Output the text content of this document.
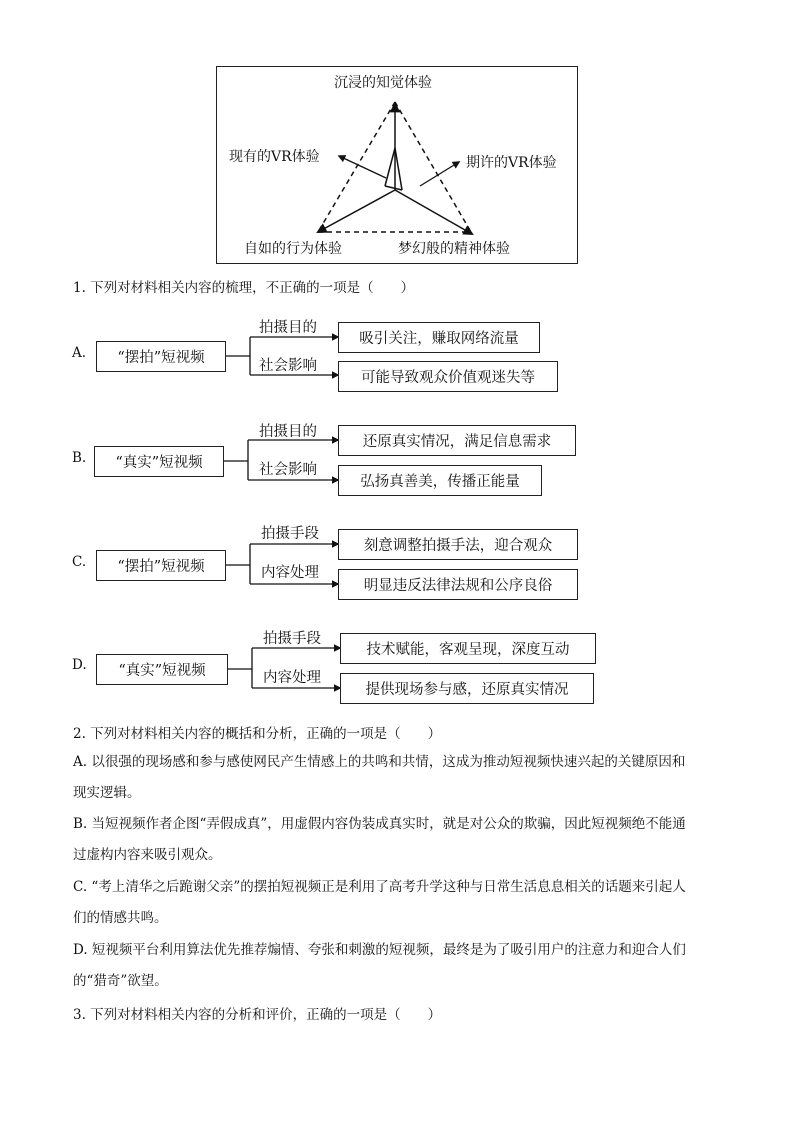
沉浸的知觉体验
现有的VR体验	期许的VR体验
自如的行为体验	梦幻般的精神体验
1. 下列对材料相关内容的梳理，不正确的一项是（　　）
A.	“摆拍”短视频
拍摄目的
社会影响
吸引关注，赚取网络流量
可能导致观众价值观迷失等
B.	“真实”短视频
拍摄目的
社会影响
还原真实情况，满足信息需求
弘扬真善美，传播正能量
C.	“摆拍”短视频
拍摄手段
内容处理
刻意调整拍摄手法，迎合观众
明显违反法律法规和公序良俗
D.	“真实”短视频
拍摄手段
内容处理
技术赋能，客观呈现，深度互动
提供现场参与感，还原真实情况
2. 下列对材料相关内容的概括和分析，正确的一项是（　　）
A. 以很强的现场感和参与感使网民产生情感上的共鸣和共情，这成为推动短视频快速兴起的关键原因和
现实逻辑。
B. 当短视频作者企图“弄假成真”，用虚假内容伪装成真实时，就是对公众的欺骗，因此短视频绝不能通
过虚构内容来吸引观众。
C. “考上清华之后跪谢父亲”的摆拍短视频正是利用了高考升学这种与日常生活息息相关的话题来引起人
们的情感共鸣。
D. 短视频平台利用算法优先推荐煽情、夸张和刺激的短视频，最终是为了吸引用户的注意力和迎合人们
的“猎奇”欲望。
3. 下列对材料相关内容的分析和评价，正确的一项是（　　）
